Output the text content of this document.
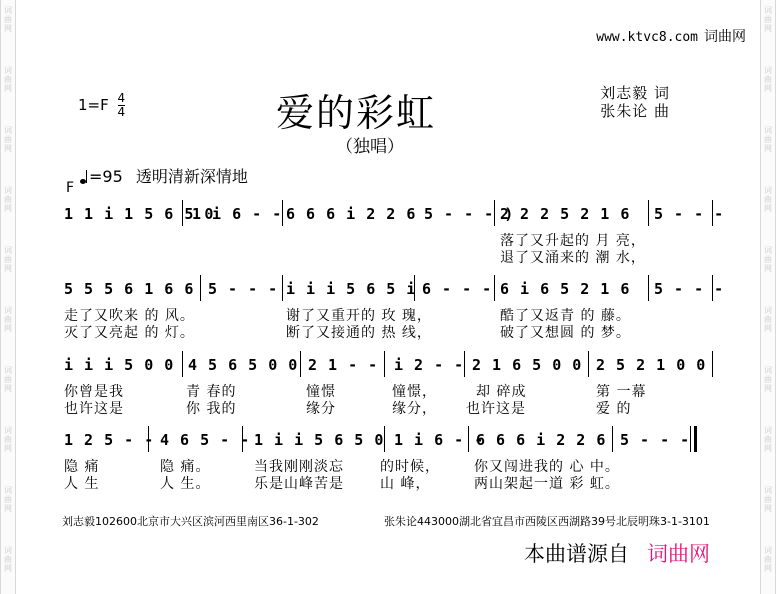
词曲网
词曲网
词曲网
词曲网
词曲网
词曲网
词曲网
词曲网
词曲网
词曲网
词曲网
词曲网
词曲网
词曲网
词曲网
词曲网
词曲网
词曲网
词曲网
词曲网
www.ktvc8.com 词曲网
$1=F \frac{4}{4}$	爱的彩虹
（独唱）
刘志毅 词
张朱论 曲
=95 透明清新深情地
F
1 1 i 1 5 6 5 0
1 i 6 - - 6 6 6 i 2 2 6 5 - - - )
2 2 2 5 2 1 6 5 - - -
落了又升起的 月 亮，
退了又涌来的 潮 水，
5 5 5 6 1 6 6 5 - - - i i i 5 6 5 i 6 - - - 6 i 6 5 2 1 6 5 - - -
走了又吹来 的 风。	谢了又重开的 玫 瑰，	酷了又返青 的 藤。
灭了又亮起 的 灯。	断了又接通的 热 线，	破了又想圆 的 梦。
i i i 5 0 0 4 5 6 5 0 0 2 1 - - i 2 - - 2 1 6 5 0 0 2 5 2 1 0 0
你曾是我	青 春的	憧憬	憧憬，	却 碎成	第 一幕
也许这是	你 我的	缘分	缘分， 也许这是	爱 的
1 2 5 - - 4 6 5 - - 1 i i 5 6 5 0 1 i 6 - -
6 6 6 i 2 2 6 5 - - -
隐 痛	隐 痛。	当我刚刚淡忘	的时候， 你又闯进我的 心 中。
人 生	人 生。	乐是山峰苦是	山 峰，	两山架起一道 彩 虹。
刘志毅102600北京市大兴区滨河西里南区36-1-302	张朱论443000湖北省宜昌市西陵区西湖路39号北辰明珠3-1-3101
本曲谱源自 词曲网
